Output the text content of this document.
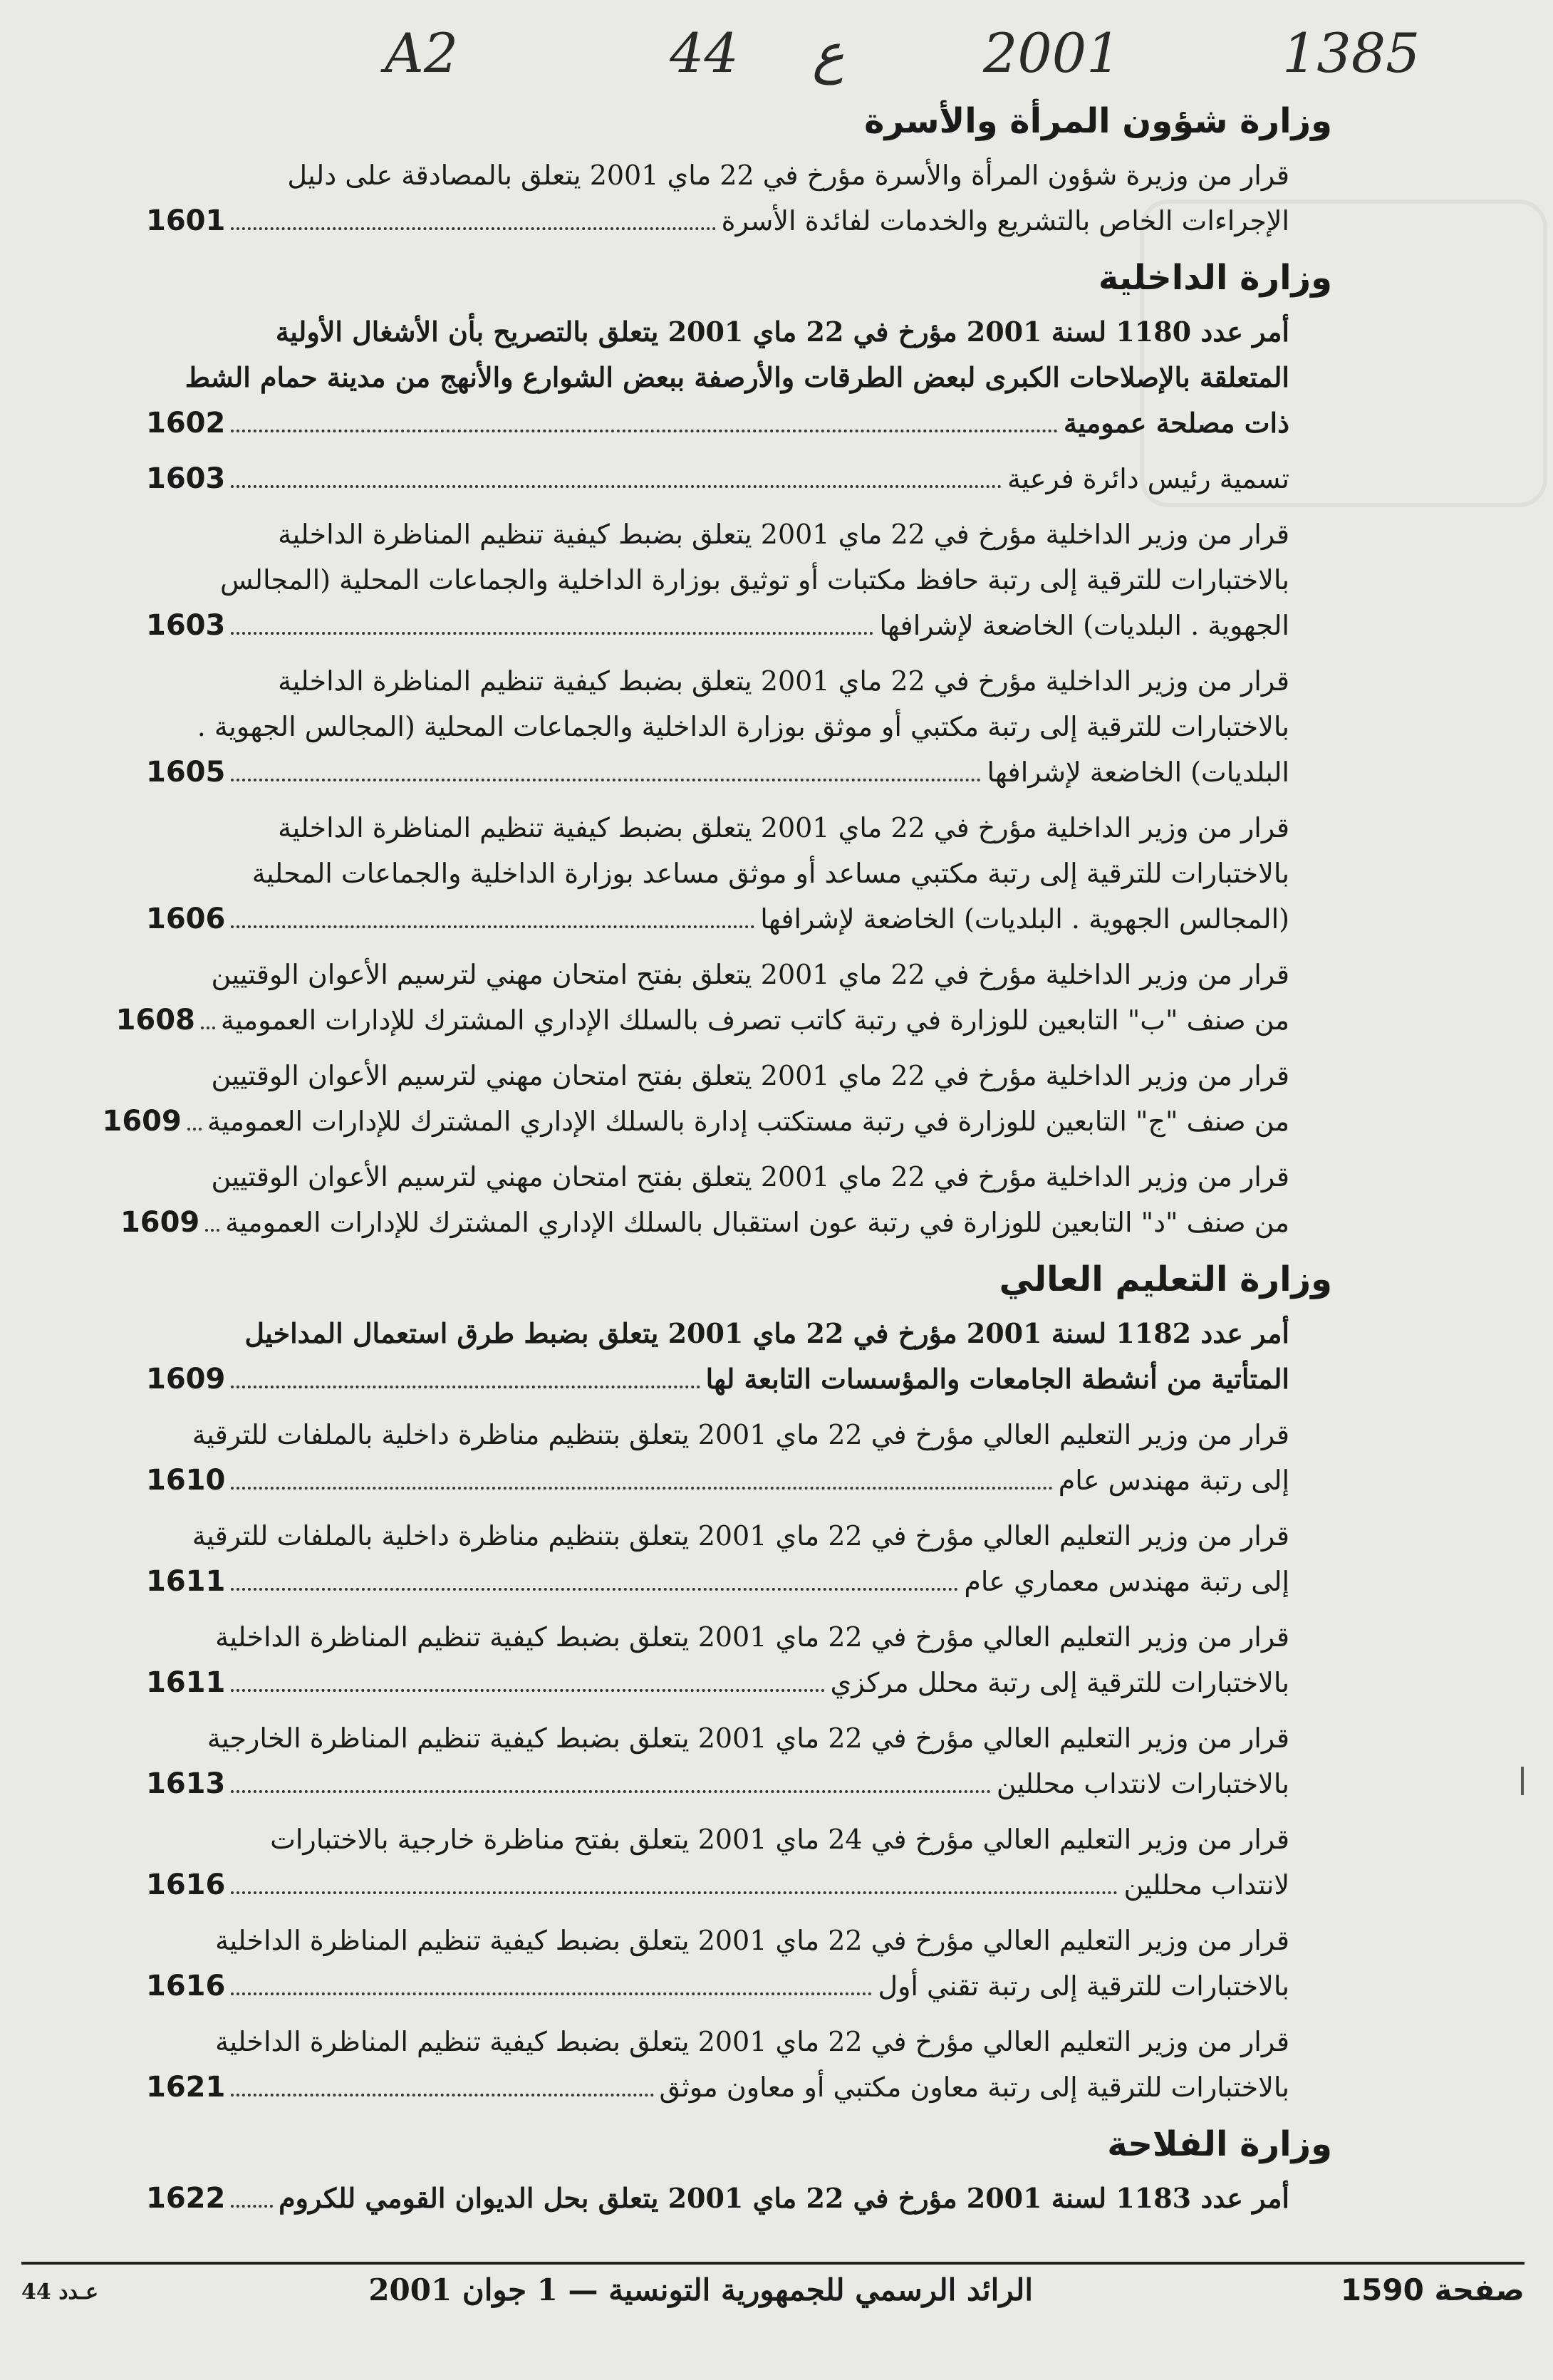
A2	44 ع	2001	1385
وزارة شؤون المرأة والأسرة
قرار من وزيرة شؤون المرأة والأسرة مؤرخ في 22 ماي 2001 يتعلق بالمصادقة على دليل
الإجراءات الخاص بالتشريع والخدمات لفائدة الأسرة
1601
وزارة الداخلية
أمر عدد 1180 لسنة 2001 مؤرخ في 22 ماي 2001 يتعلق بالتصريح بأن الأشغال الأولية
المتعلقة بالإصلاحات الكبرى لبعض الطرقات والأرصفة ببعض الشوارع والأنهج من مدينة حمام الشط
ذات مصلحة عمومية
1602
تسمية رئيس دائرة فرعية
1603
قرار من وزير الداخلية مؤرخ في 22 ماي 2001 يتعلق بضبط كيفية تنظيم المناظرة الداخلية
بالاختبارات للترقية إلى رتبة حافظ مكتبات أو توثيق بوزارة الداخلية والجماعات المحلية (المجالس
الجهوية . البلديات) الخاضعة لإشرافها
1603
قرار من وزير الداخلية مؤرخ في 22 ماي 2001 يتعلق بضبط كيفية تنظيم المناظرة الداخلية
بالاختبارات للترقية إلى رتبة مكتبي أو موثق بوزارة الداخلية والجماعات المحلية (المجالس الجهوية .
البلديات) الخاضعة لإشرافها
1605
قرار من وزير الداخلية مؤرخ في 22 ماي 2001 يتعلق بضبط كيفية تنظيم المناظرة الداخلية
بالاختبارات للترقية إلى رتبة مكتبي مساعد أو موثق مساعد بوزارة الداخلية والجماعات المحلية
(المجالس الجهوية . البلديات) الخاضعة لإشرافها
1606
قرار من وزير الداخلية مؤرخ في 22 ماي 2001 يتعلق بفتح امتحان مهني لترسيم الأعوان الوقتيين
من صنف "ب" التابعين للوزارة في رتبة كاتب تصرف بالسلك الإداري المشترك للإدارات العمومية
1608
قرار من وزير الداخلية مؤرخ في 22 ماي 2001 يتعلق بفتح امتحان مهني لترسيم الأعوان الوقتيين
من صنف "ج" التابعين للوزارة في رتبة مستكتب إدارة بالسلك الإداري المشترك للإدارات العمومية
1609
قرار من وزير الداخلية مؤرخ في 22 ماي 2001 يتعلق بفتح امتحان مهني لترسيم الأعوان الوقتيين
من صنف "د" التابعين للوزارة في رتبة عون استقبال بالسلك الإداري المشترك للإدارات العمومية
1609
وزارة التعليم العالي
أمر عدد 1182 لسنة 2001 مؤرخ في 22 ماي 2001 يتعلق بضبط طرق استعمال المداخيل
المتأتية من أنشطة الجامعات والمؤسسات التابعة لها
1609
قرار من وزير التعليم العالي مؤرخ في 22 ماي 2001 يتعلق بتنظيم مناظرة داخلية بالملفات للترقية
إلى رتبة مهندس عام
1610
قرار من وزير التعليم العالي مؤرخ في 22 ماي 2001 يتعلق بتنظيم مناظرة داخلية بالملفات للترقية
إلى رتبة مهندس معماري عام
1611
قرار من وزير التعليم العالي مؤرخ في 22 ماي 2001 يتعلق بضبط كيفية تنظيم المناظرة الداخلية
بالاختبارات للترقية إلى رتبة محلل مركزي
1611
قرار من وزير التعليم العالي مؤرخ في 22 ماي 2001 يتعلق بضبط كيفية تنظيم المناظرة الخارجية
بالاختبارات لانتداب محللين
1613
قرار من وزير التعليم العالي مؤرخ في 24 ماي 2001 يتعلق بفتح مناظرة خارجية بالاختبارات
لانتداب محللين
1616
قرار من وزير التعليم العالي مؤرخ في 22 ماي 2001 يتعلق بضبط كيفية تنظيم المناظرة الداخلية
بالاختبارات للترقية إلى رتبة تقني أول
1616
قرار من وزير التعليم العالي مؤرخ في 22 ماي 2001 يتعلق بضبط كيفية تنظيم المناظرة الداخلية
بالاختبارات للترقية إلى رتبة معاون مكتبي أو معاون موثق
1621
وزارة الفلاحة
أمر عدد 1183 لسنة 2001 مؤرخ في 22 ماي 2001 يتعلق بحل الديوان القومي للكروم
1622
صفحة 1590
الرائد الرسمي للجمهورية التونسية — 1 جوان 2001
عـدد 44
